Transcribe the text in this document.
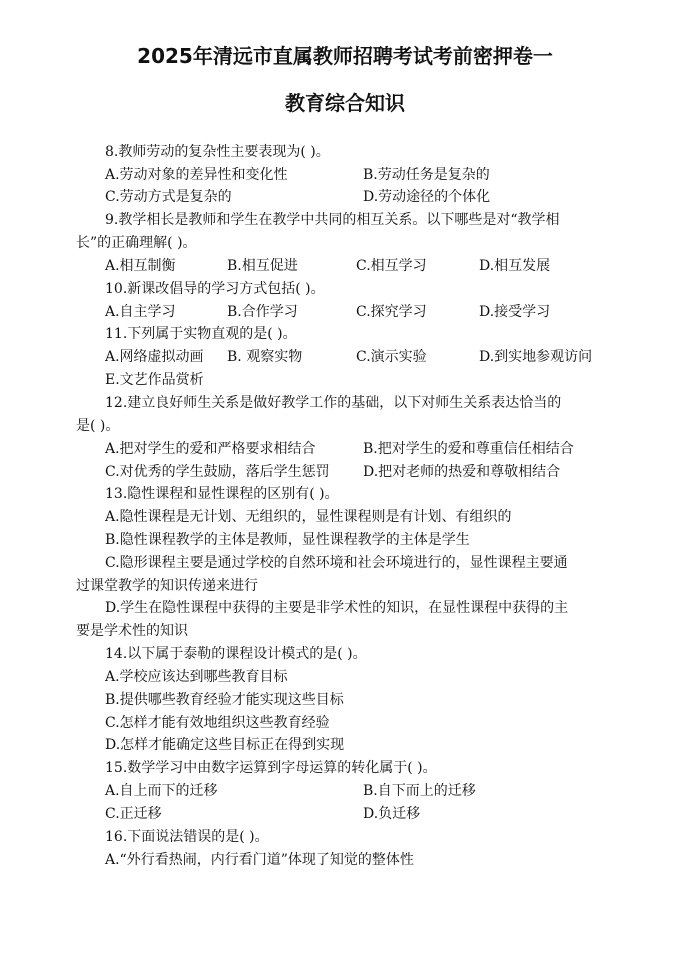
2025年清远市直属教师招聘考试考前密押卷一
教育综合知识
8.教师劳动的复杂性主要表现为( )。
A.劳动对象的差异性和变化性	B.劳动任务是复杂的
C.劳动方式是复杂的	D.劳动途径的个体化
9.教学相长是教师和学生在教学中共同的相互关系。以下哪些是对“教学相
长”的正确理解( )。
A.相互制衡	B.相互促进	C.相互学习	D.相互发展
10.新课改倡导的学习方式包括( )。
A.自主学习	B.合作学习	C.探究学习	D.接受学习
11.下列属于实物直观的是( )。
A.网络虚拟动画 B. 观察实物	C.演示实验	D.到实地参观访问
E.文艺作品赏析
12.建立良好师生关系是做好教学工作的基础，以下对师生关系表达恰当的
是( )。
A.把对学生的爱和严格要求相结合	B.把对学生的爱和尊重信任相结合
C.对优秀的学生鼓励，落后学生惩罚 D.把对老师的热爱和尊敬相结合
13.隐性课程和显性课程的区别有( )。
A.隐性课程是无计划、无组织的，显性课程则是有计划、有组织的
B.隐性课程教学的主体是教师，显性课程教学的主体是学生
C.隐形课程主要是通过学校的自然环境和社会环境进行的，显性课程主要通
过课堂教学的知识传递来进行
D.学生在隐性课程中获得的主要是非学术性的知识，在显性课程中获得的主
要是学术性的知识
14.以下属于泰勒的课程设计模式的是( )。
A.学校应该达到哪些教育目标
B.提供哪些教育经验才能实现这些目标
C.怎样才能有效地组织这些教育经验
D.怎样才能确定这些目标正在得到实现
15.数学学习中由数字运算到字母运算的转化属于( )。
A.自上而下的迁移	B.自下而上的迁移
C.正迁移	D.负迁移
16.下面说法错误的是( )。
A.“外行看热闹，内行看门道”体现了知觉的整体性
